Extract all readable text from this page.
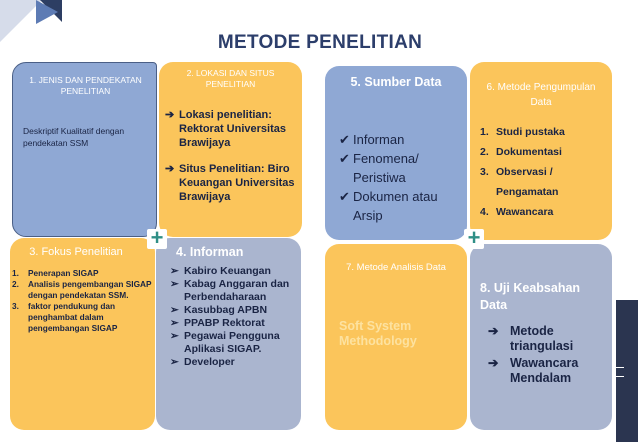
METODE PENELITIAN
1. JENIS DAN PENDEKATAN PENELITIAN
Deskriptif Kualitatif dengan pendekatan SSM
2. LOKASI DAN SITUS PENELITIAN
➔ Lokasi penelitian: Rektorat Universitas Brawijaya
➔ Situs Penelitian: Biro Keuangan Universitas Brawijaya
3. Fokus Penelitian
1.	Penerapan SIGAP
2.	Analisis pengembangan SIGAP dengan pendekatan SSM.
3.	faktor pendukung dan penghambat dalam pengembangan SIGAP
4. Informan
➢ Kabiro Keuangan
➢ Kabag Anggaran dan Perbendaharaan
➢ Kasubbag APBN
➢ PPABP Rektorat
➢ Pegawai Pengguna Aplikasi SIGAP.
➢ Developer
+
5. Sumber Data
✔ Informan
✔ Fenomena/ Peristiwa
✔ Dokumen atau Arsip
6. Metode Pengumpulan Data
1. Studi pustaka
2. Dokumentasi
3. Observasi / Pengamatan
4. Wawancara
7. Metode Analisis Data
Soft System Methodology
8. Uji Keabsahan Data
➔ Metode triangulasi
➔ Wawancara Mendalam
+
